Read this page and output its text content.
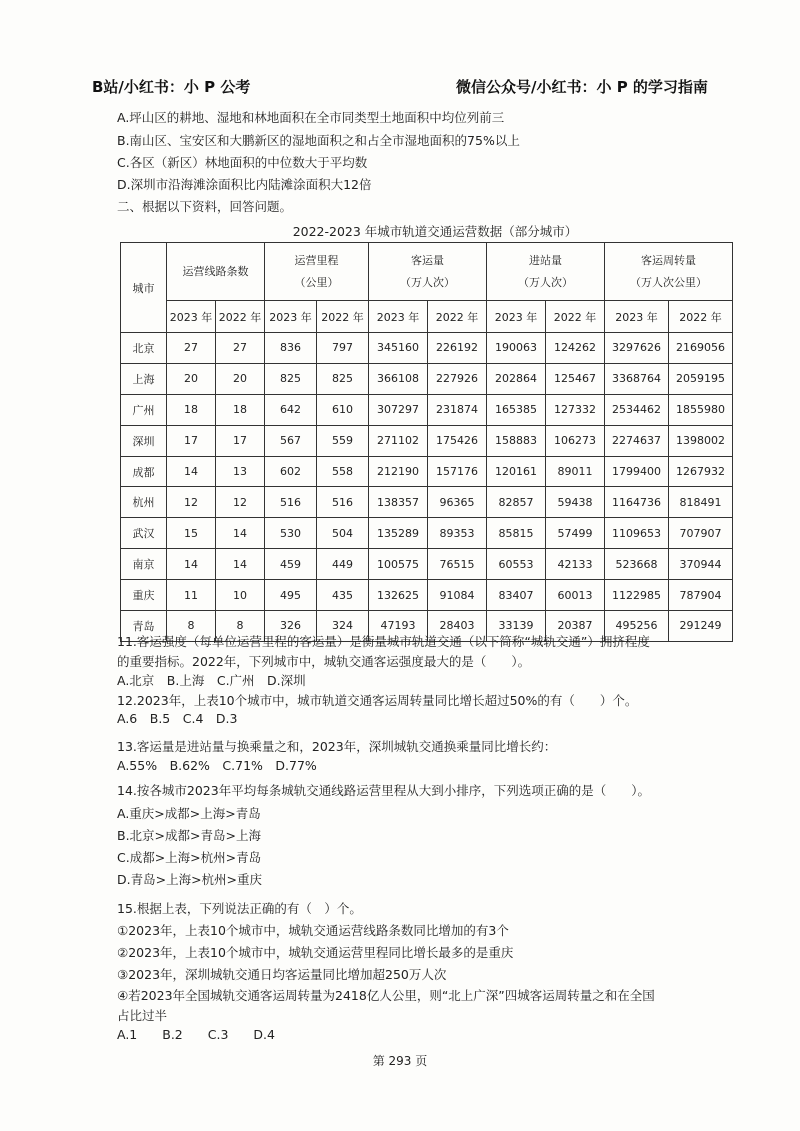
B站/小红书：小 P 公考	微信公众号/小红书：小 P 的学习指南
A.坪山区的耕地、湿地和林地面积在全市同类型土地面积中均位列前三
B.南山区、宝安区和大鹏新区的湿地面积之和占全市湿地面积的75%以上
C.各区（新区）林地面积的中位数大于平均数
D.深圳市沿海滩涂面积比内陆滩涂面积大12倍
二、根据以下资料，回答问题。
2022-2023 年城市轨道交通运营数据（部分城市）
城市	运营线路条数		运营里程
（公里）		客运量
（万人次）		进站量
（万人次）		客运周转量
（万人次公里）	

	2023 年	2022 年	2023 年	2022 年	2023 年	2022 年	2023 年	2022 年	2023 年	2022 年
北京	27	27	836	797	345160	226192	190063	124262	3297626	2169056
上海	20	20	825	825	366108	227926	202864	125467	3368764	2059195
广州	18	18	642	610	307297	231874	165385	127332	2534462	1855980
深圳	17	17	567	559	271102	175426	158883	106273	2274637	1398002
成都	14	13	602	558	212190	157176	120161	89011	1799400	1267932
杭州	12	12	516	516	138357	96365	82857	59438	1164736	818491
武汉	15	14	530	504	135289	89353	85815	57499	1109653	707907
南京	14	14	459	449	100575	76515	60553	42133	523668	370944
重庆	11	10	495	435	132625	91084	83407	60013	1122985	787904
青岛	8	8	326	324	47193	28403	33139	20387	495256	291249
11.客运强度（每单位运营里程的客运量）是衡量城市轨道交通（以下简称“城轨交通”）拥挤程度
的重要指标。2022年，下列城市中，城轨交通客运强度最大的是（　　）。
A.北京　B.上海　C.广州　D.深圳
12.2023年，上表10个城市中，城市轨道交通客运周转量同比增长超过50%的有（　　）个。
A.6　B.5　C.4　D.3
13.客运量是进站量与换乘量之和，2023年，深圳城轨交通换乘量同比增长约：
A.55%　B.62%　C.71%　D.77%
14.按各城市2023年平均每条城轨交通线路运营里程从大到小排序，下列选项正确的是（　　）。
A.重庆>成都>上海>青岛
B.北京>成都>青岛>上海
C.成都>上海>杭州>青岛
D.青岛>上海>杭州>重庆
15.根据上表，下列说法正确的有（　）个。
①2023年，上表10个城市中，城轨交通运营线路条数同比增加的有3个
②2023年，上表10个城市中，城轨交通运营里程同比增长最多的是重庆
③2023年，深圳城轨交通日均客运量同比增加超250万人次
④若2023年全国城轨交通客运周转量为2418亿人公里，则“北上广深”四城客运周转量之和在全国
占比过半
A.1　　B.2　　C.3　　D.4
第 293 页
